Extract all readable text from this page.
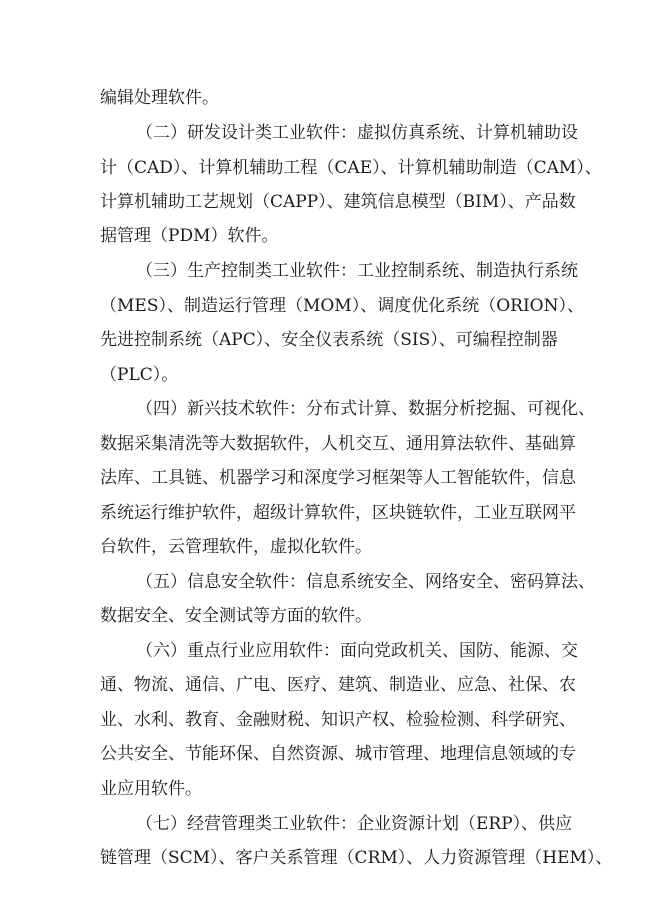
编辑处理软件。
（二）研发设计类工业软件：虚拟仿真系统、计算机辅助设
计（CAD）、计算机辅助工程（CAE）、计算机辅助制造（CAM）、
计算机辅助工艺规划（CAPP）、建筑信息模型（BIM）、产品数
据管理（PDM）软件。
（三）生产控制类工业软件：工业控制系统、制造执行系统
（MES）、制造运行管理（MOM）、调度优化系统（ORION）、
先进控制系统（APC）、安全仪表系统（SIS）、可编程控制器
（PLC）。
（四）新兴技术软件：分布式计算、数据分析挖掘、可视化、
数据采集清洗等大数据软件，人机交互、通用算法软件、基础算
法库、工具链、机器学习和深度学习框架等人工智能软件，信息
系统运行维护软件，超级计算软件，区块链软件，工业互联网平
台软件，云管理软件，虚拟化软件。
（五）信息安全软件：信息系统安全、网络安全、密码算法、
数据安全、安全测试等方面的软件。
（六）重点行业应用软件：面向党政机关、国防、能源、交
通、物流、通信、广电、医疗、建筑、制造业、应急、社保、农
业、水利、教育、金融财税、知识产权、检验检测、科学研究、
公共安全、节能环保、自然资源、城市管理、地理信息领域的专
业应用软件。
（七）经营管理类工业软件：企业资源计划（ERP）、供应
链管理（SCM）、客户关系管理（CRM）、人力资源管理（HEM）、
